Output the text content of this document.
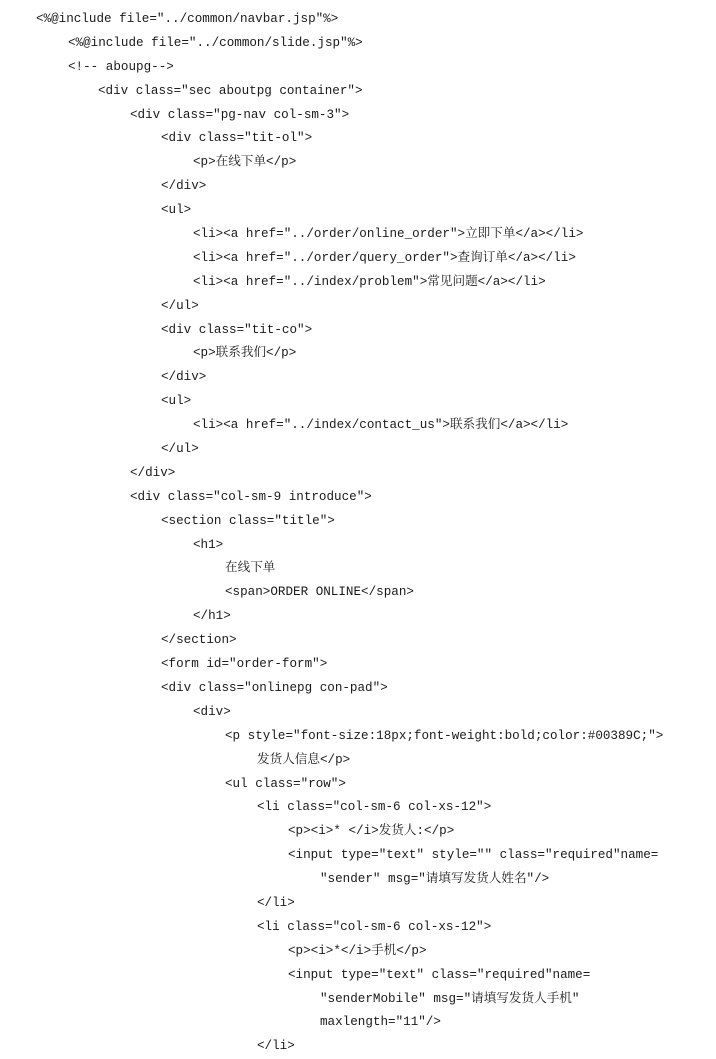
<%@include file="../common/navbar.jsp"%>
<%@include file="../common/slide.jsp"%>
<!-- aboupg-->
<div class="sec aboutpg container">
<div class="pg-nav col-sm-3">
<div class="tit-ol">
<p>在线下单</p>
</div>
<ul>
<li><a href="../order/online_order">立即下单</a></li>
<li><a href="../order/query_order">查询订单</a></li>
<li><a href="../index/problem">常见问题</a></li>
</ul>
<div class="tit-co">
<p>联系我们</p>
</div>
<ul>
<li><a href="../index/contact_us">联系我们</a></li>
</ul>
</div>
<div class="col-sm-9 introduce">
<section class="title">
<h1>
在线下单
<span>ORDER ONLINE</span>
</h1>
</section>
<form id="order-form">
<div class="onlinepg con-pad">
<div>
<p style="font-size:18px;font-weight:bold;color:#00389C;">
发货人信息</p>
<ul class="row">
<li class="col-sm-6 col-xs-12">
<p><i>* </i>发货人:</p>
<input type="text" style="" class="required"name=
"sender" msg="请填写发货人姓名"/>
</li>
<li class="col-sm-6 col-xs-12">
<p><i>*</i>手机</p>
<input type="text" class="required"name=
"senderMobile" msg="请填写发货人手机"
maxlength="11"/>
</li>
